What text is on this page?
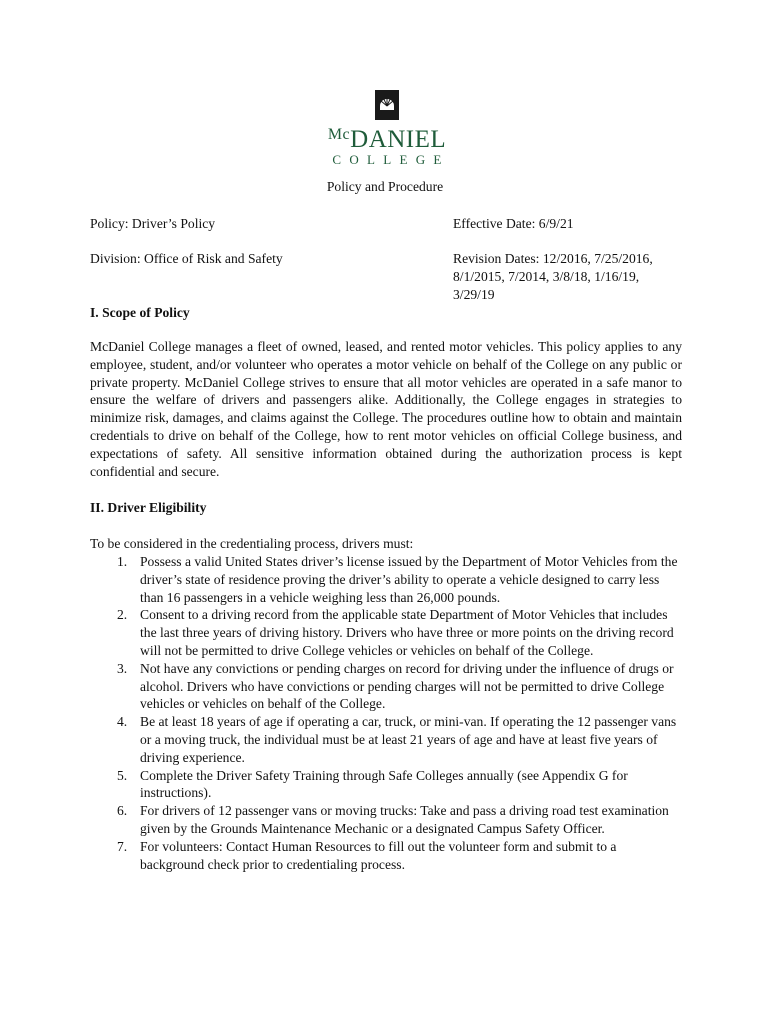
$^{Mc}$DANIEL
COLLEGE
Policy and Procedure
Policy: Driver’s Policy	Effective Date: 6/9/21
Division: Office of Risk and Safety	Revision Dates: 12/2016, 7/25/2016,
8/1/2015, 7/2014, 3/8/18, 1/16/19,
3/29/19
I. Scope of Policy
McDaniel College manages a fleet of owned, leased, and rented motor vehicles. This policy applies to any employee, student, and/or volunteer who operates a motor vehicle on behalf of the College on any public or private property. McDaniel College strives to ensure that all motor vehicles are operated in a safe manor to ensure the welfare of drivers and passengers alike. Additionally, the College engages in strategies to minimize risk, damages, and claims against the College. The procedures outline how to obtain and maintain credentials to drive on behalf of the College, how to rent motor vehicles on official College business, and expectations of safety. All sensitive information obtained during the authorization process is kept confidential and secure.
II. Driver Eligibility
To be considered in the credentialing process, drivers must:
1. Possess a valid United States driver’s license issued by the Department of Motor Vehicles from the driver’s state of residence proving the driver’s ability to operate a vehicle designed to carry less than 16 passengers in a vehicle weighing less than 26,000 pounds.
2. Consent to a driving record from the applicable state Department of Motor Vehicles that includes the last three years of driving history. Drivers who have three or more points on the driving record will not be permitted to drive College vehicles or vehicles on behalf of the College.
3. Not have any convictions or pending charges on record for driving under the influence of drugs or alcohol. Drivers who have convictions or pending charges will not be permitted to drive College vehicles or vehicles on behalf of the College.
4. Be at least 18 years of age if operating a car, truck, or mini-van. If operating the 12 passenger vans or a moving truck, the individual must be at least 21 years of age and have at least five years of driving experience.
5. Complete the Driver Safety Training through Safe Colleges annually (see Appendix G for instructions).
6. For drivers of 12 passenger vans or moving trucks: Take and pass a driving road test examination given by the Grounds Maintenance Mechanic or a designated Campus Safety Officer.
7. For volunteers: Contact Human Resources to fill out the volunteer form and submit to a background check prior to credentialing process.
